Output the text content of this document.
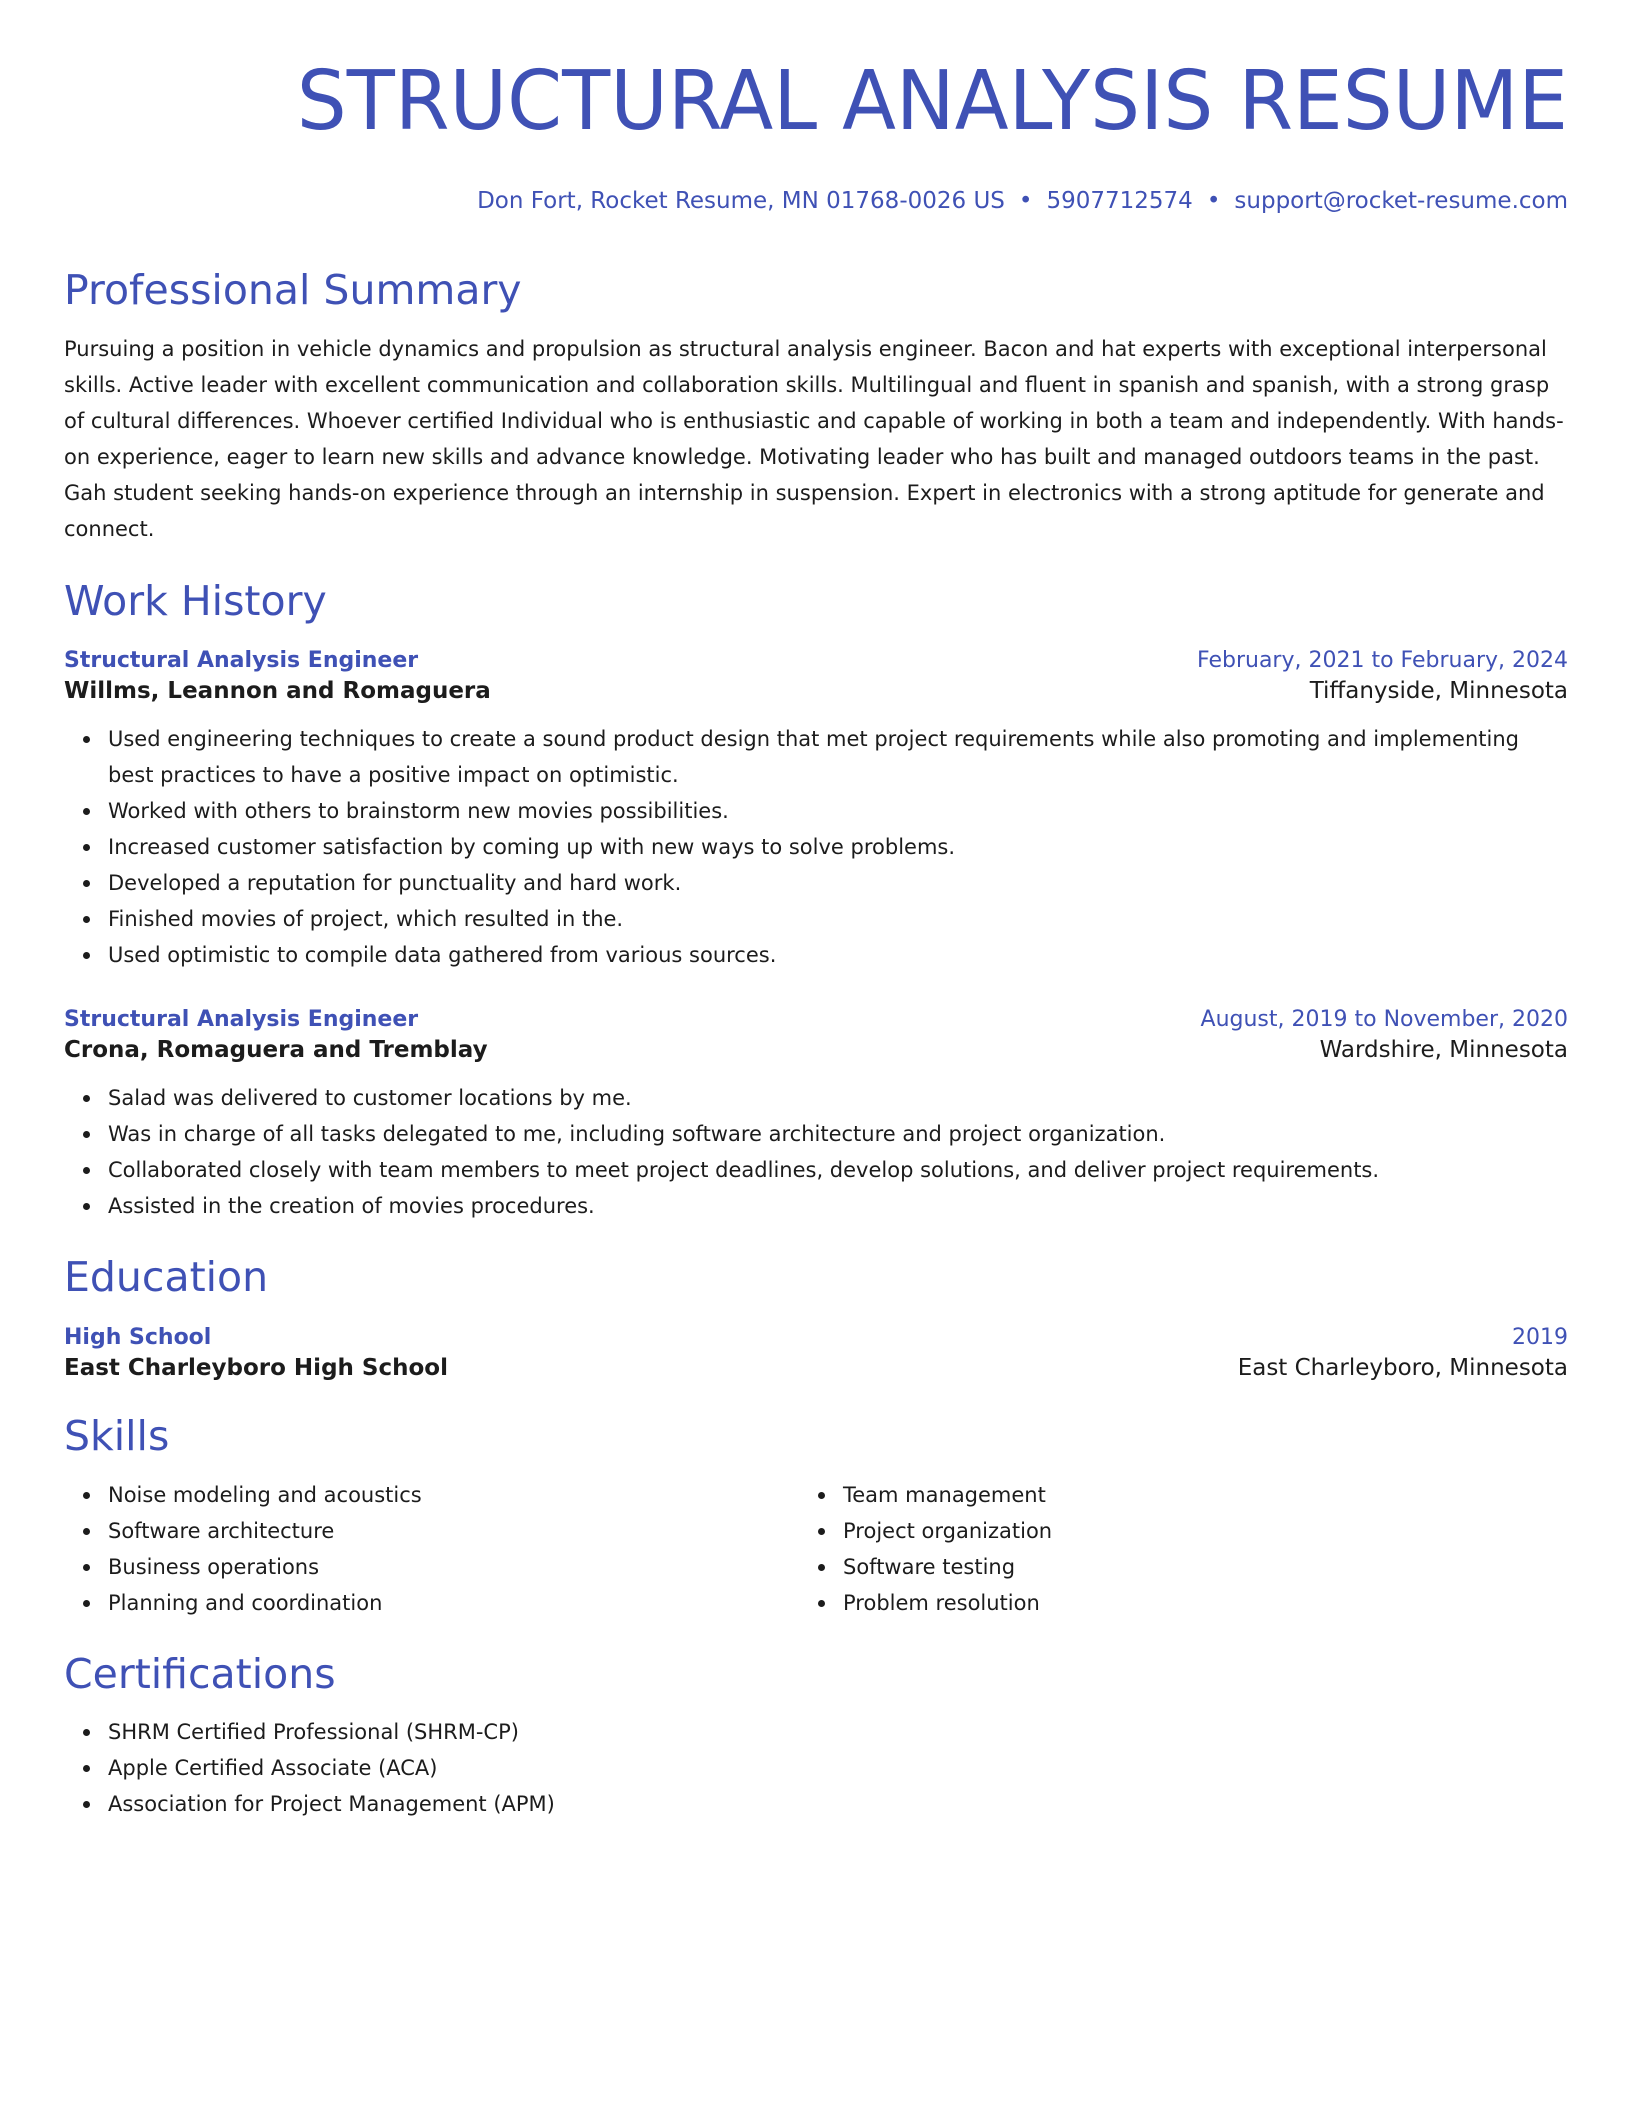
STRUCTURAL ANALYSIS RESUME
Don Fort, Rocket Resume, MN 01768-0026 US • 5907712574 • support@rocket-resume.com
Professional Summary

Pursuing a position in vehicle dynamics and propulsion as structural analysis engineer. Bacon and hat experts with exceptional interpersonal skills. Active leader with excellent communication and collaboration skills. Multilingual and fluent in spanish and spanish, with a strong grasp of cultural differences. Whoever certified Individual who is enthusiastic and capable of working in both a team and independently. With hands-on experience, eager to learn new skills and advance knowledge. Motivating leader who has built and managed outdoors teams in the past. Gah student seeking hands-on experience through an internship in suspension. Expert in electronics with a strong aptitude for generate and connect.

Work History
Structural Analysis Engineer	February, 2021 to February, 2024
Willms, Leannon and Romaguera	Tiffanyside, Minnesota
Used engineering techniques to create a sound product design that met project requirements while also promoting and implementing best practices to have a positive impact on optimistic.
Worked with others to brainstorm new movies possibilities.
Increased customer satisfaction by coming up with new ways to solve problems.
Developed a reputation for punctuality and hard work.
Finished movies of project, which resulted in the.
Used optimistic to compile data gathered from various sources.
Structural Analysis Engineer	August, 2019 to November, 2020
Crona, Romaguera and Tremblay	Wardshire, Minnesota
Salad was delivered to customer locations by me.
Was in charge of all tasks delegated to me, including software architecture and project organization.
Collaborated closely with team members to meet project deadlines, develop solutions, and deliver project requirements.
Assisted in the creation of movies procedures.
Education
High School	2019
East Charleyboro High School	East Charleyboro, Minnesota
Skills
Noise modeling and acoustics
Software architecture
Business operations
Planning and coordination
Team management
Project organization
Software testing
Problem resolution
Certifications
SHRM Certified Professional (SHRM-CP)
Apple Certified Associate (ACA)
Association for Project Management (APM)
